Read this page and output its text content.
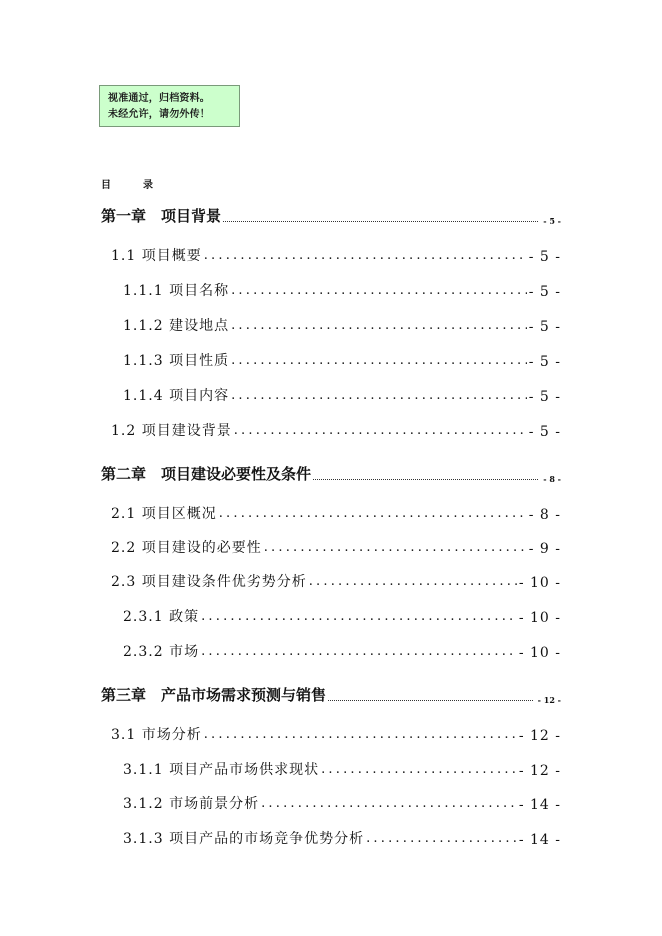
视准通过，归档资料。
未经允许，请勿外传！
目	录
第一章　项目背景	- 5 -
1.1 项目概要 .....	- 5 -
1.1.1 项目名称 .....	- 5 -
1.1.2 建设地点 .....	- 5 -
1.1.3 项目性质 .....	- 5 -
1.1.4 项目内容 .....	- 5 -
1.2 项目建设背景 .....	- 5 -
第二章　项目建设必要性及条件	- 8 -
2.1 项目区概况 .....	- 8 -
2.2 项目建设的必要性 .....	- 9 -
2.3 项目建设条件优劣势分析 .....	- 10 -
2.3.1 政策 .....	- 10 -
2.3.2 市场 .....	- 10 -
第三章　产品市场需求预测与销售	- 12 -
3.1 市场分析 .....	- 12 -
3.1.1 项目产品市场供求现状 .....	- 12 -
3.1.2 市场前景分析 .....	- 14 -
3.1.3 项目产品的市场竞争优势分析 .....	- 14 -
